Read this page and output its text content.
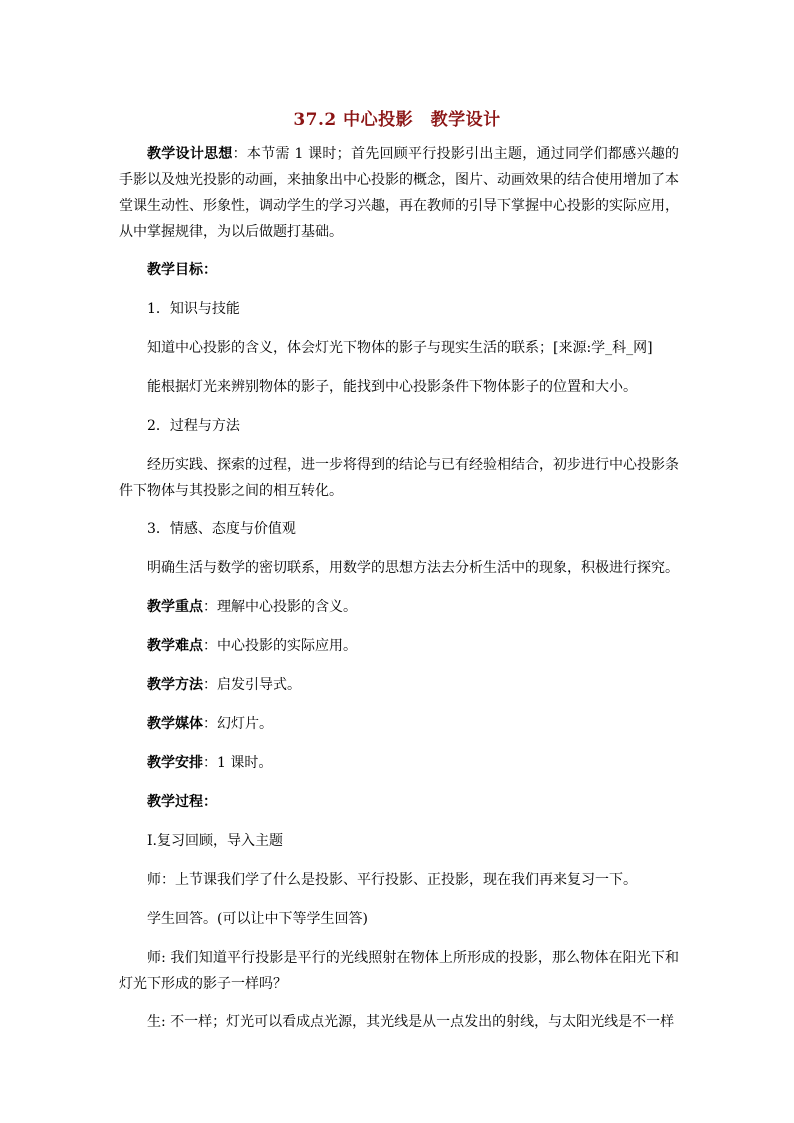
37.2 中心投影　教学设计

教学设计思想：本节需 1 课时；首先回顾平行投影引出主题，通过同学们都感兴趣的手影以及烛光投影的动画，来抽象出中心投影的概念，图片、动画效果的结合使用增加了本堂课生动性、形象性，调动学生的学习兴趣，再在教师的引导下掌握中心投影的实际应用，从中掌握规律，为以后做题打基础。

教学目标：

1．知识与技能

知道中心投影的含义，体会灯光下物体的影子与现实生活的联系；[来源:学_科_网]

能根据灯光来辨别物体的影子，能找到中心投影条件下物体影子的位置和大小。

2．过程与方法

经历实践、探索的过程，进一步将得到的结论与已有经验相结合，初步进行中心投影条件下物体与其投影之间的相互转化。

3．情感、态度与价值观

明确生活与数学的密切联系，用数学的思想方法去分析生活中的现象，积极进行探究。

教学重点：理解中心投影的含义。

教学难点：中心投影的实际应用。

教学方法：启发引导式。

教学媒体：幻灯片。

教学安排：1 课时。

教学过程：

Ⅰ.复习回顾，导入主题

师：上节课我们学了什么是投影、平行投影、正投影，现在我们再来复习一下。

学生回答。(可以让中下等学生回答)

师: 我们知道平行投影是平行的光线照射在物体上所形成的投影，那么物体在阳光下和灯光下形成的影子一样吗？

生: 不一样；灯光可以看成点光源，其光线是从一点发出的射线，与太阳光线是不一样
